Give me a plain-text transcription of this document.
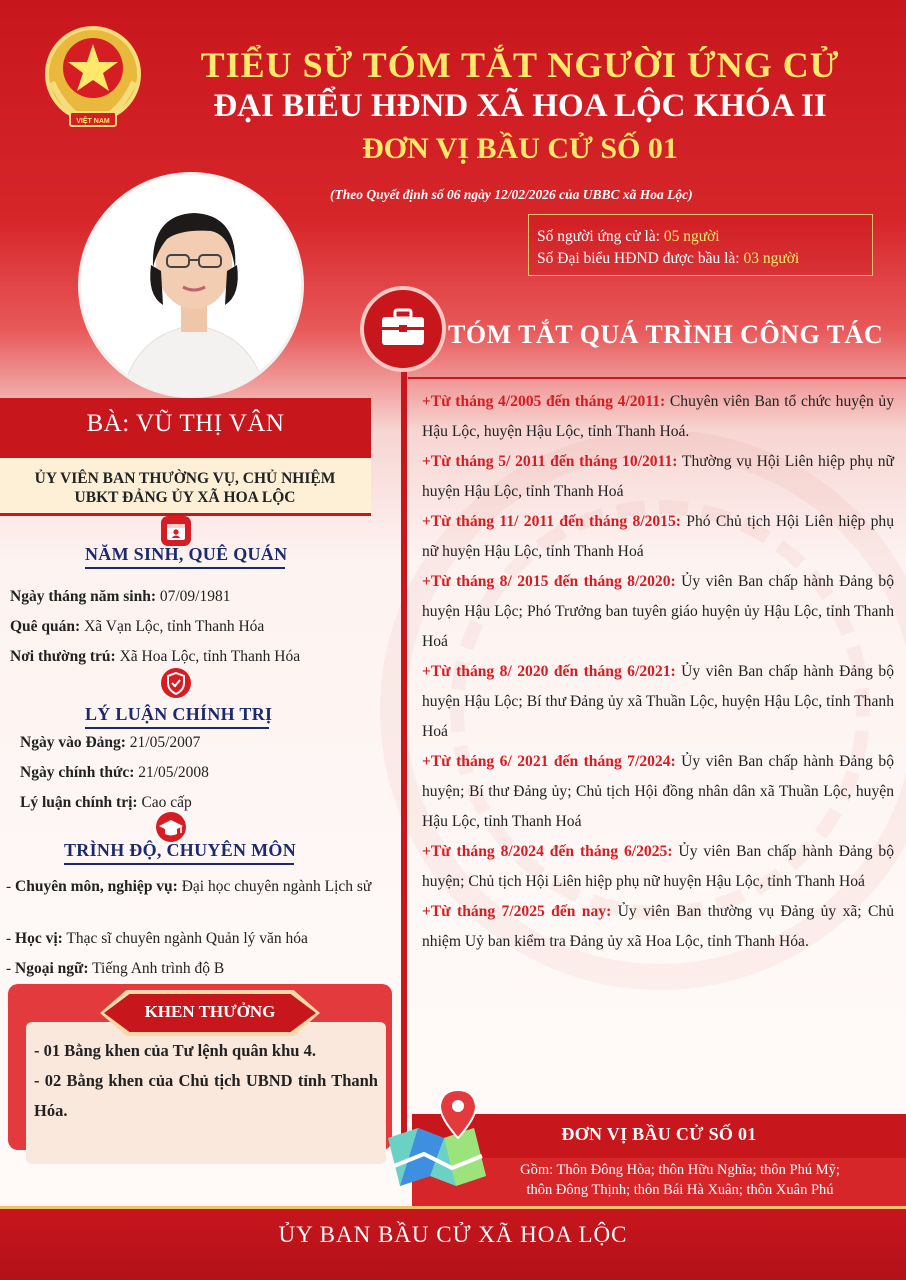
VIỆT NAM
TIỂU SỬ TÓM TẮT NGƯỜI ỨNG CỬ
ĐẠI BIỂU HĐND XÃ HOA LỘC KHÓA II
ĐƠN VỊ BẦU CỬ SỐ 01
(Theo Quyết định số 06 ngày 12/02/2026 của UBBC xã Hoa Lộc)
Số người ứng cử là: 05 người
Số Đại biểu HĐND được bầu là: 03 người
TÓM TẮT QUÁ TRÌNH CÔNG TÁC
+Từ tháng 4/2005 đến tháng 4/2011: Chuyên viên Ban tổ chức huyện ủy Hậu Lộc, huyện Hậu Lộc, tỉnh Thanh Hoá.
+Từ tháng 5/ 2011 đến tháng 10/2011: Thường vụ Hội Liên hiệp phụ nữ huyện Hậu Lộc, tỉnh Thanh Hoá
+Từ tháng 11/ 2011 đến tháng 8/2015: Phó Chủ tịch Hội Liên hiệp phụ nữ huyện Hậu Lộc, tỉnh Thanh Hoá
+Từ tháng 8/ 2015 đến tháng 8/2020: Ủy viên Ban chấp hành Đảng bộ huyện Hậu Lộc; Phó Trưởng ban tuyên giáo huyện ủy Hậu Lộc, tỉnh Thanh Hoá
+Từ tháng 8/ 2020 đến tháng 6/2021: Ủy viên Ban chấp hành Đảng bộ huyện Hậu Lộc; Bí thư Đảng ủy xã Thuần Lộc, huyện Hậu Lộc, tỉnh Thanh Hoá
+Từ tháng 6/ 2021 đến tháng 7/2024: Ủy viên Ban chấp hành Đảng bộ huyện; Bí thư Đảng ủy; Chủ tịch Hội đồng nhân dân xã Thuần Lộc, huyện Hậu Lộc, tỉnh Thanh Hoá
+Từ tháng 8/2024 đến tháng 6/2025: Ủy viên Ban chấp hành Đảng bộ huyện; Chủ tịch Hội Liên hiệp phụ nữ huyện Hậu Lộc, tỉnh Thanh Hoá
+Từ tháng 7/2025 đến nay: Ủy viên Ban thường vụ Đảng ủy xã; Chủ nhiệm Uỷ ban kiểm tra Đảng ủy xã Hoa Lộc, tỉnh Thanh Hóa.
BÀ: VŨ THỊ VÂN
ỦY VIÊN BAN THƯỜNG VỤ, CHỦ NHIỆM
UBKT ĐẢNG ỦY XÃ HOA LỘC
NĂM SINH, QUÊ QUÁN
Ngày tháng năm sinh: 07/09/1981
Quê quán: Xã Vạn Lộc, tỉnh Thanh Hóa
Nơi thường trú: Xã Hoa Lộc, tỉnh Thanh Hóa
LÝ LUẬN CHÍNH TRỊ
Ngày vào Đảng: 21/05/2007
Ngày chính thức: 21/05/2008
Lý luận chính trị: Cao cấp
TRÌNH ĐỘ, CHUYÊN MÔN
- Chuyên môn, nghiệp vụ: Đại học chuyên ngành Lịch sử
- Học vị: Thạc sĩ chuyên ngành Quản lý văn hóa
- Ngoại ngữ: Tiếng Anh trình độ B
KHEN THƯỞNG
- 01 Bằng khen của Tư lệnh quân khu 4.
- 02 Bằng khen của Chủ tịch UBND tỉnh Thanh Hóa.
ĐƠN VỊ BẦU CỬ SỐ 01
Gồm: Thôn Đông Hòa; thôn Hữu Nghĩa; thôn Phú Mỹ;
thôn Đông Thịnh; thôn Bái Hà Xuân; thôn Xuân Phú
ỦY BAN BẦU CỬ XÃ HOA LỘC
